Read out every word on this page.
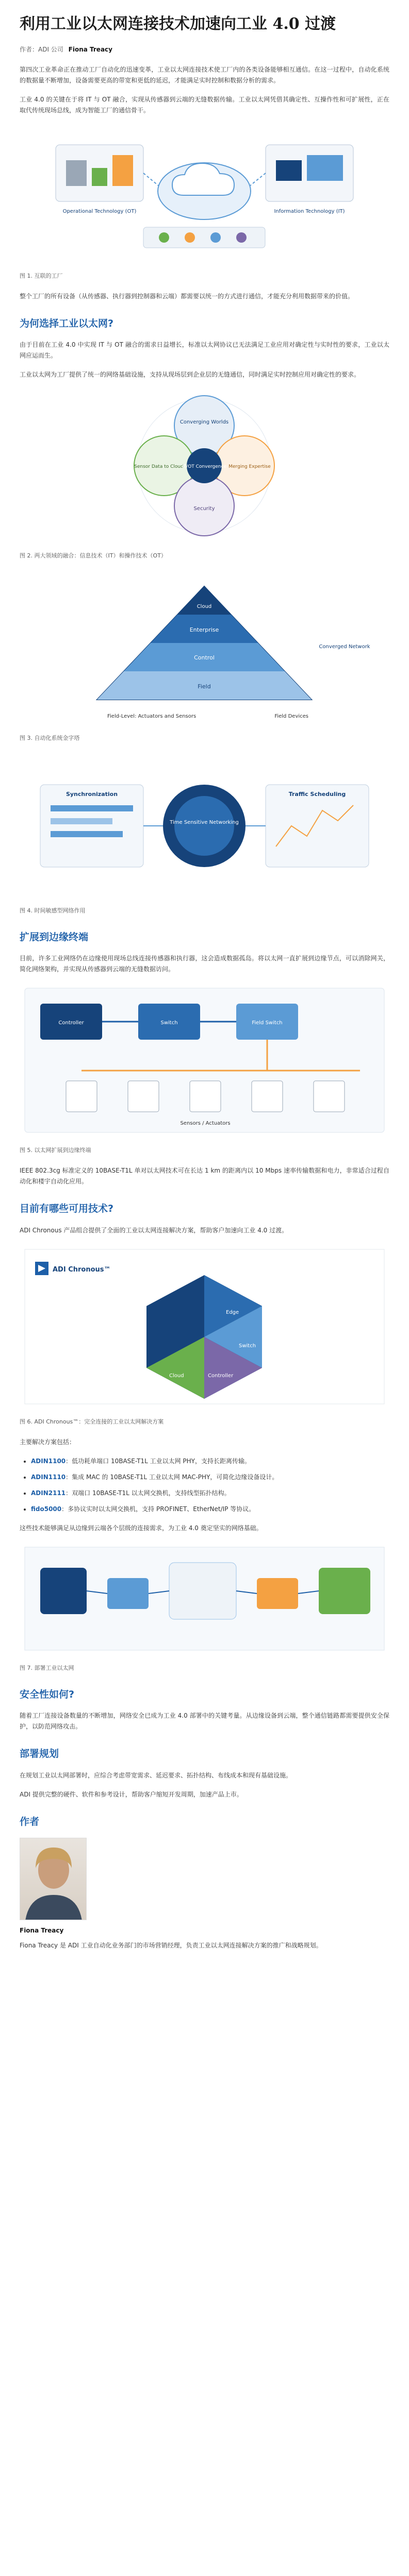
利用工业以太网连接技术加速向工业 4.0 过渡
作者：ADI 公司 Fiona Treacy

第四次工业革命正在推动工厂自动化的迅速变革，工业以太网连接技术使工厂内的各类设备能够相互通信。在这一过程中，自动化系统的数据量不断增加，设备需要更高的带宽和更低的延迟，才能满足实时控制和数据分析的需求。

工业 4.0 的关键在于将 IT 与 OT 融合，实现从传感器到云端的无缝数据传输。工业以太网凭借其确定性、互操作性和可扩展性，正在取代传统现场总线，成为智能工厂的通信骨干。

Operational Technology (OT)	Information Technology (IT)
图 1. 互联的工厂

整个工厂的所有设备（从传感器、执行器到控制器和云端）都需要以统一的方式进行通信，才能充分利用数据带来的价值。

为何选择工业以太网?

由于目前在工业 4.0 中实现 IT 与 OT 融合的需求日益增长，标准以太网协议已无法满足工业应用对确定性与实时性的要求，工业以太网应运而生。

工业以太网为工厂提供了统一的网络基础设施，支持从现场层到企业层的无缝通信，同时满足实时控制应用对确定性的要求。

Converging Worlds
Sensor Data to Cloud	Merging Expertise
Security
IT/OT Convergence
图 2. 两大领域的融合：信息技术（IT）和操作技术（OT）
Cloud
Enterprise
Control
Field
Field-Level: Actuators and Sensors	Field Devices
Converged Network
图 3. 自动化系统金字塔
Time Sensitive Networking
Synchronization	Traffic Scheduling
图 4. 时间敏感型网络作用
扩展到边缘终端

目前，许多工业网络仍在边缘使用现场总线连接传感器和执行器，这会造成数据孤岛。将以太网一直扩展到边缘节点，可以消除网关，简化网络架构，并实现从传感器到云端的无缝数据访问。

Controller	Switch	Field Switch
Sensors / Actuators
图 5. 以太网扩展到边缘终端

IEEE 802.3cg 标准定义的 10BASE-T1L 单对以太网技术可在长达 1 km 的距离内以 10 Mbps 速率传输数据和电力，非常适合过程自动化和楼宇自动化应用。

目前有哪些可用技术?

ADI Chronous 产品组合提供了全面的工业以太网连接解决方案，帮助客户加速向工业 4.0 过渡。

ADI Chronous™
Edge
Switch
Controller
Cloud
图 6. ADI Chronous™：完全连接的工业以太网解决方案

主要解决方案包括：

• ADIN1100：低功耗单端口 10BASE-T1L 工业以太网 PHY，支持长距离传输。
• ADIN1110：集成 MAC 的 10BASE-T1L 工业以太网 MAC-PHY，可简化边缘设备设计。
• ADIN2111：双端口 10BASE-T1L 以太网交换机，支持线型拓扑结构。
• fido5000：多协议实时以太网交换机，支持 PROFINET、EtherNet/IP 等协议。

这些技术能够满足从边缘到云端各个层级的连接需求，为工业 4.0 奠定坚实的网络基础。

图 7. 部署工业以太网
安全性如何?

随着工厂连接设备数量的不断增加，网络安全已成为工业 4.0 部署中的关键考量。从边缘设备到云端，整个通信链路都需要提供安全保护，以防范网络攻击。

部署规划

在规划工业以太网部署时，应综合考虑带宽需求、延迟要求、拓扑结构、布线成本和现有基础设施。

ADI 提供完整的硬件、软件和参考设计，帮助客户缩短开发周期，加速产品上市。

作者
Fiona Treacy

Fiona Treacy 是 ADI 工业自动化业务部门的市场营销经理，负责工业以太网连接解决方案的推广和战略规划。
